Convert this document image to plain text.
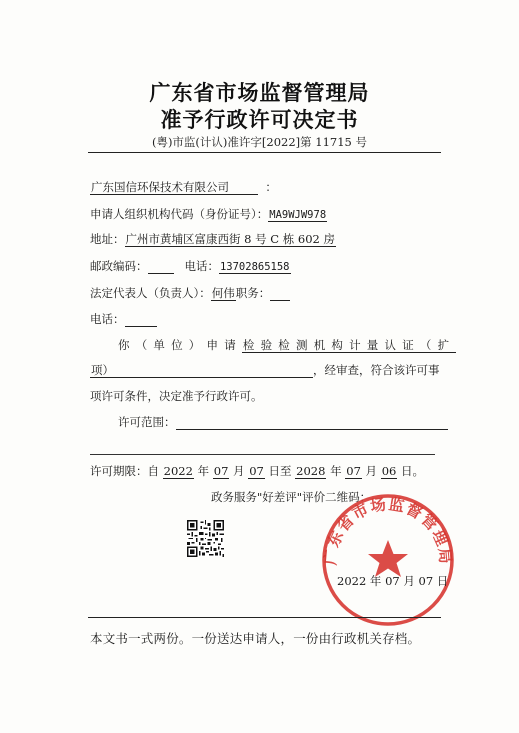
广东省市场监督管理局
准予行政许可决定书
(粤)市监(计认)准许字[2022]第 11715 号
广东国信环保技术有限公司	：
申请人组织机构代码（身份证号）：MA9WJW978
地址：广州市黄埔区富康西街 8 号 C 栋 602 房
邮政编码：	电话：13702865158
法定代表人（负责人）：何伟职务：
电话：
你（单位）申请检验检测机构计量认证（扩
项）	，经审查，符合该许可事
项许可条件，决定准予行政许可。
许可范围：
许可期限：自 2022 年 07 月 07 日至 2028 年 07 月 06 日。
政务服务"好差评"评价二维码：
广东省市场监督管理局
2022 年 07 月 07 日
本文书一式两份。一份送达申请人，一份由行政机关存档。
